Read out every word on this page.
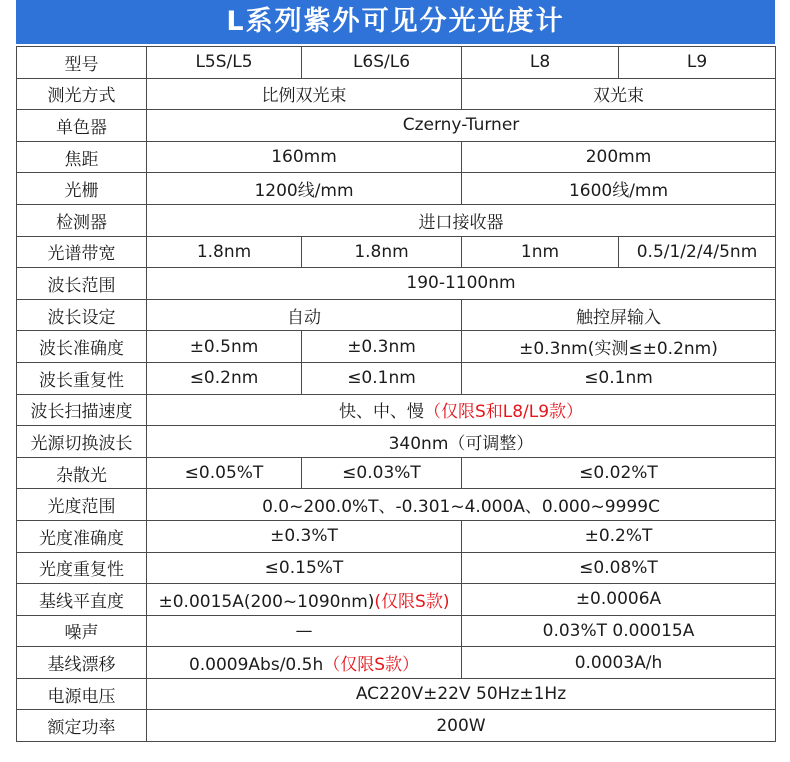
L系列紫外可见分光光度计
型号	L5S/L5	L6S/L6	L8	L9
测光方式	比例双光束		双光束	
单色器	Czerny-Turner			
焦距	160mm		200mm	
光栅	1200线/mm		1600线/mm	
检测器	进口接收器			
光谱带宽	1.8nm	1.8nm	1nm	0.5/1/2/4/5nm
波长范围	190-1100nm			
波长设定	自动		触控屏输入	
波长准确度	±0.5nm	±0.3nm	±0.3nm(实测≤±0.2nm)	
波长重复性	≤0.2nm	≤0.1nm	≤0.1nm	
波长扫描速度	快、中、慢（仅限S和L8/L9款）			
光源切换波长	340nm（可调整）			
杂散光	≤0.05%T	≤0.03%T	≤0.02%T	
光度范围	0.0~200.0%T、-0.301~4.000A、0.000~9999C			
光度准确度	±0.3%T		±0.2%T	
光度重复性	≤0.15%T		≤0.08%T	
基线平直度	±0.0015A(200~1090nm)(仅限S款)		±0.0006A	
噪声	—		0.03%T 0.00015A	
基线漂移	0.0009Abs/0.5h（仅限S款）		0.0003A/h	
电源电压	AC220V±22V 50Hz±1Hz			
额定功率	200W			
